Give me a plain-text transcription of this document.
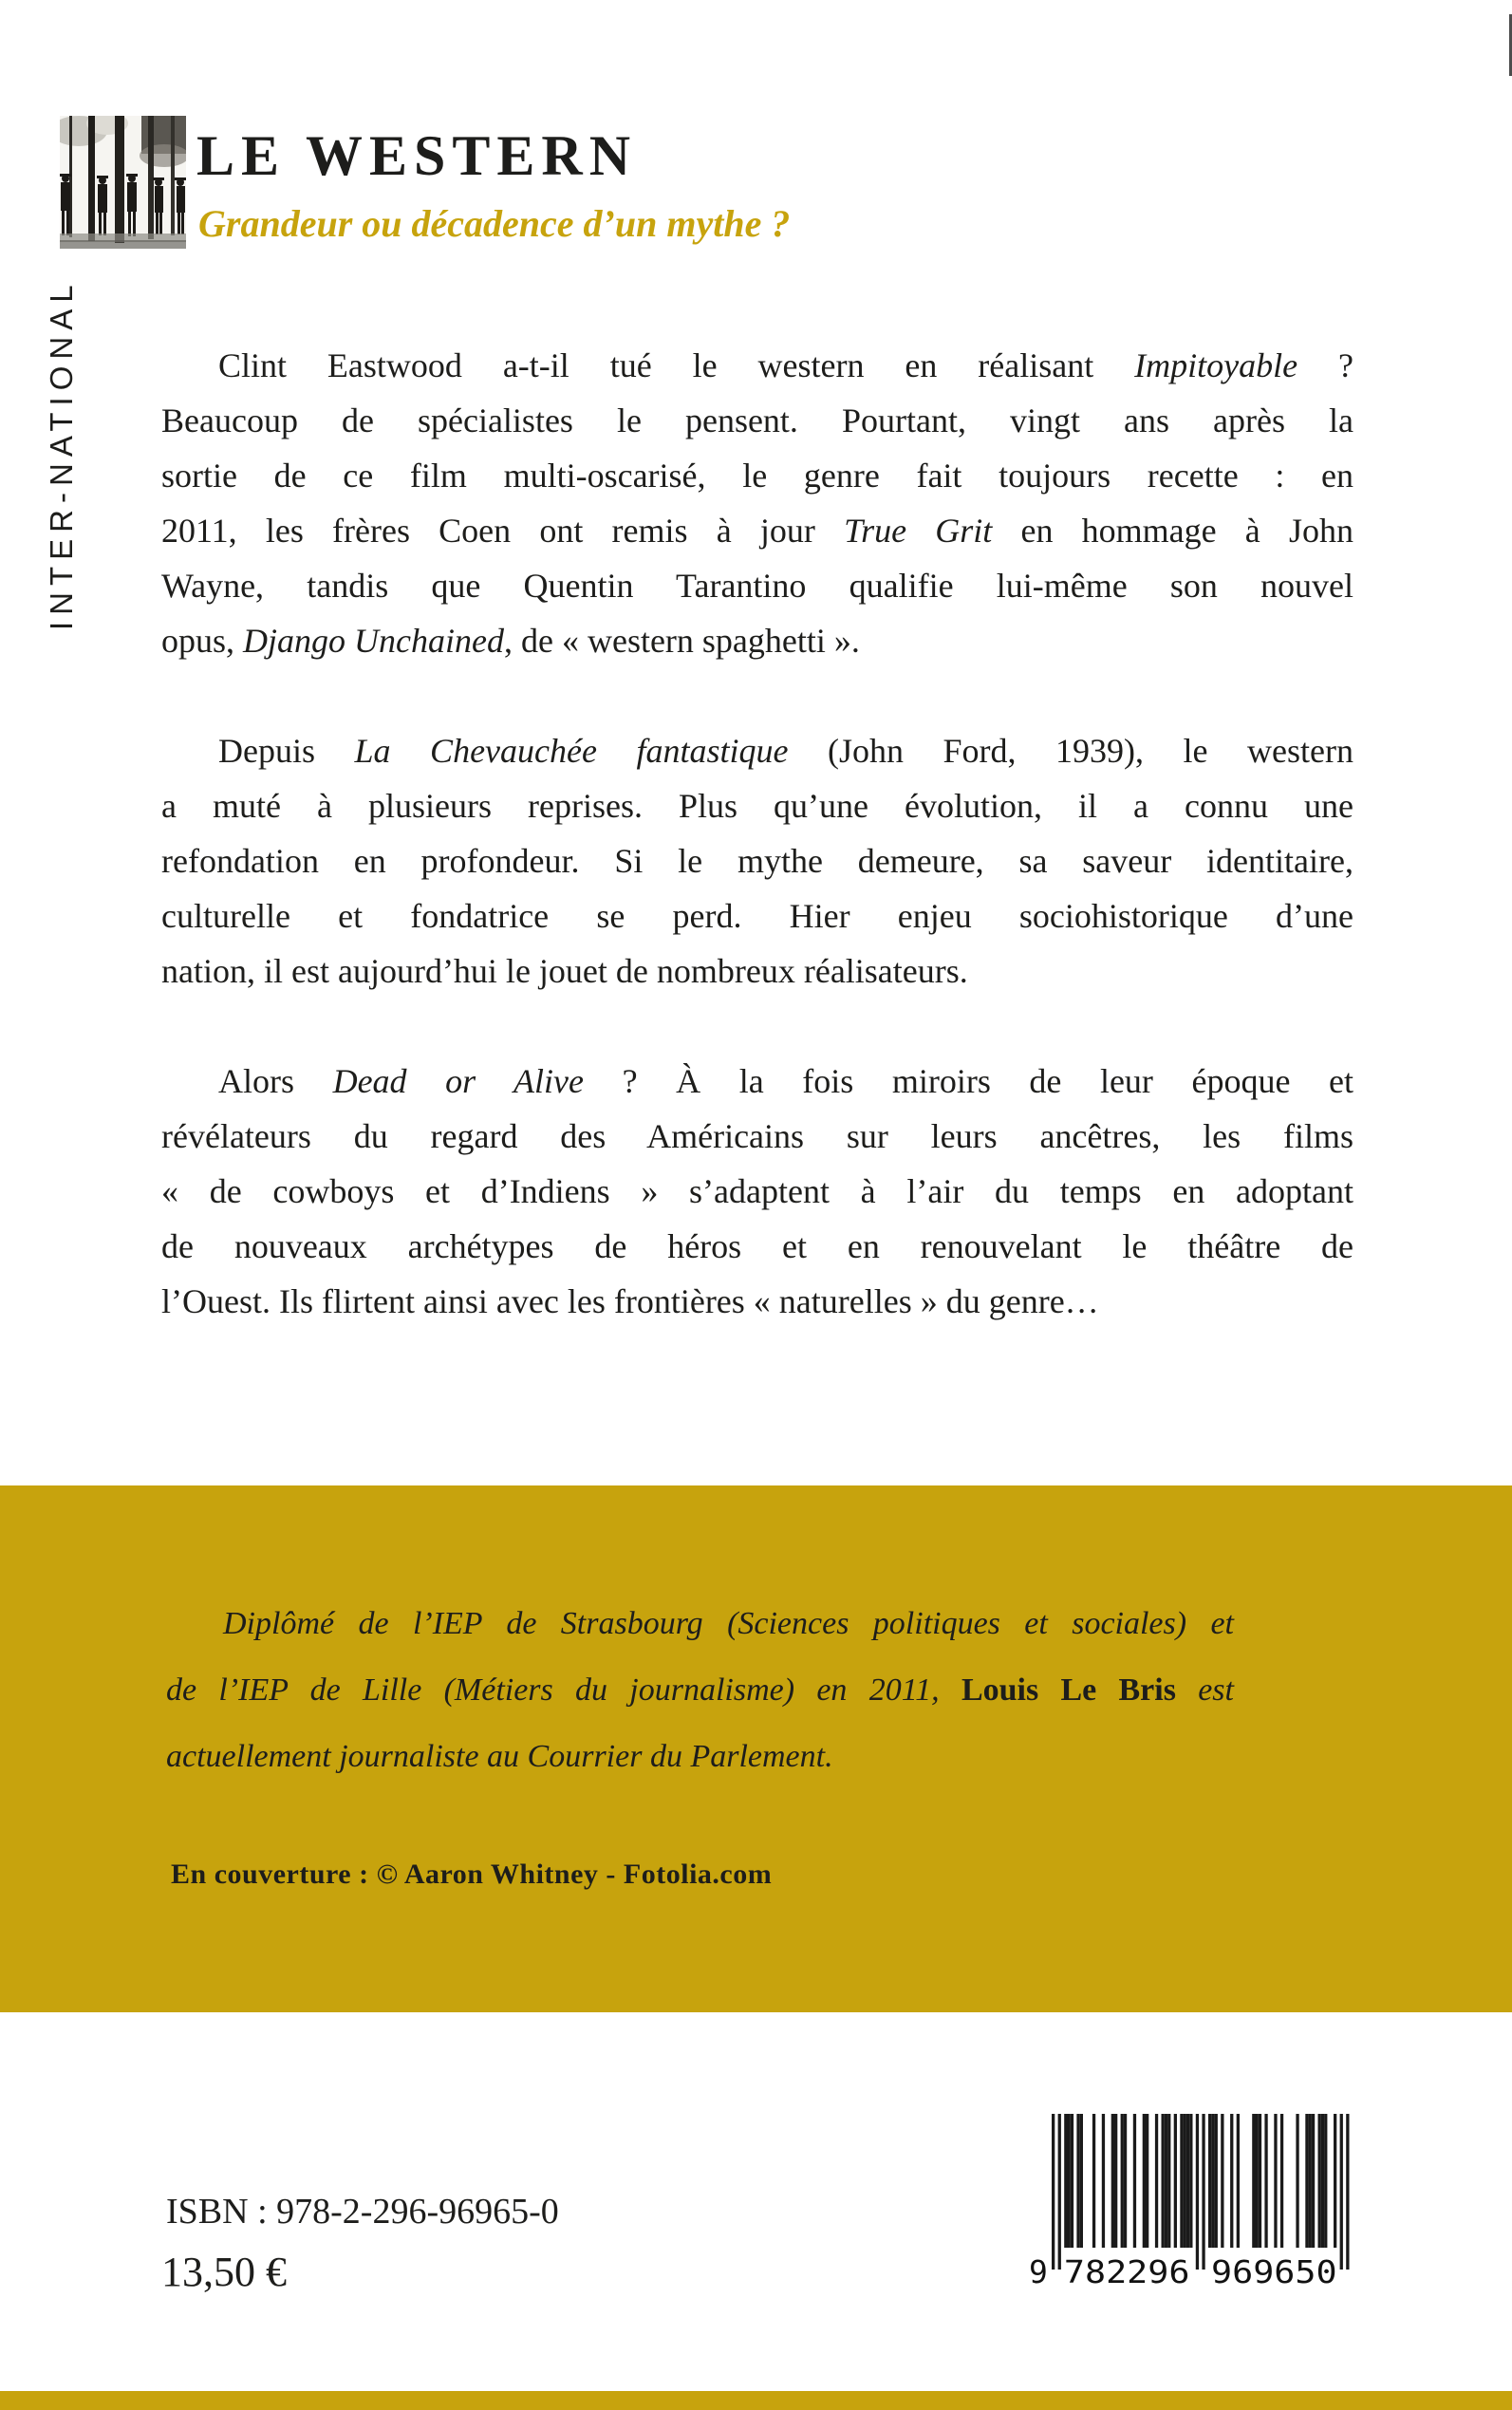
LE WESTERN
Grandeur ou décadence d’un mythe ?
INTER-NATIONAL	Clint Eastwood a-t-il tué le western en réalisant Impitoyable ?
Beaucoup de spécialistes le pensent. Pourtant, vingt ans après la
sortie de ce film multi-oscarisé, le genre fait toujours recette : en
2011, les frères Coen ont remis à jour True Grit en hommage à John
Wayne, tandis que Quentin Tarantino qualifie lui-même son nouvel
opus, Django Unchained, de « western spaghetti ».
Depuis La Chevauchée fantastique (John Ford, 1939), le western
a muté à plusieurs reprises. Plus qu’une évolution, il a connu une
refondation en profondeur. Si le mythe demeure, sa saveur identitaire,
culturelle et fondatrice se perd. Hier enjeu sociohistorique d’une
nation, il est aujourd’hui le jouet de nombreux réalisateurs.
Alors Dead or Alive ? À la fois miroirs de leur époque et
révélateurs du regard des Américains sur leurs ancêtres, les films
« de cowboys et d’Indiens » s’adaptent à l’air du temps en adoptant
de nouveaux archétypes de héros et en renouvelant le théâtre de
l’Ouest. Ils flirtent ainsi avec les frontières « naturelles » du genre…
Diplômé de l’IEP de Strasbourg (Sciences politiques et sociales) et
de l’IEP de Lille (Métiers du journalisme) en 2011, Louis Le Bris est
actuellement journaliste au Courrier du Parlement.
En couverture : © Aaron Whitney - Fotolia.com
ISBN : 978-2-296-96965-0
13,50 €	9 782296 969650
